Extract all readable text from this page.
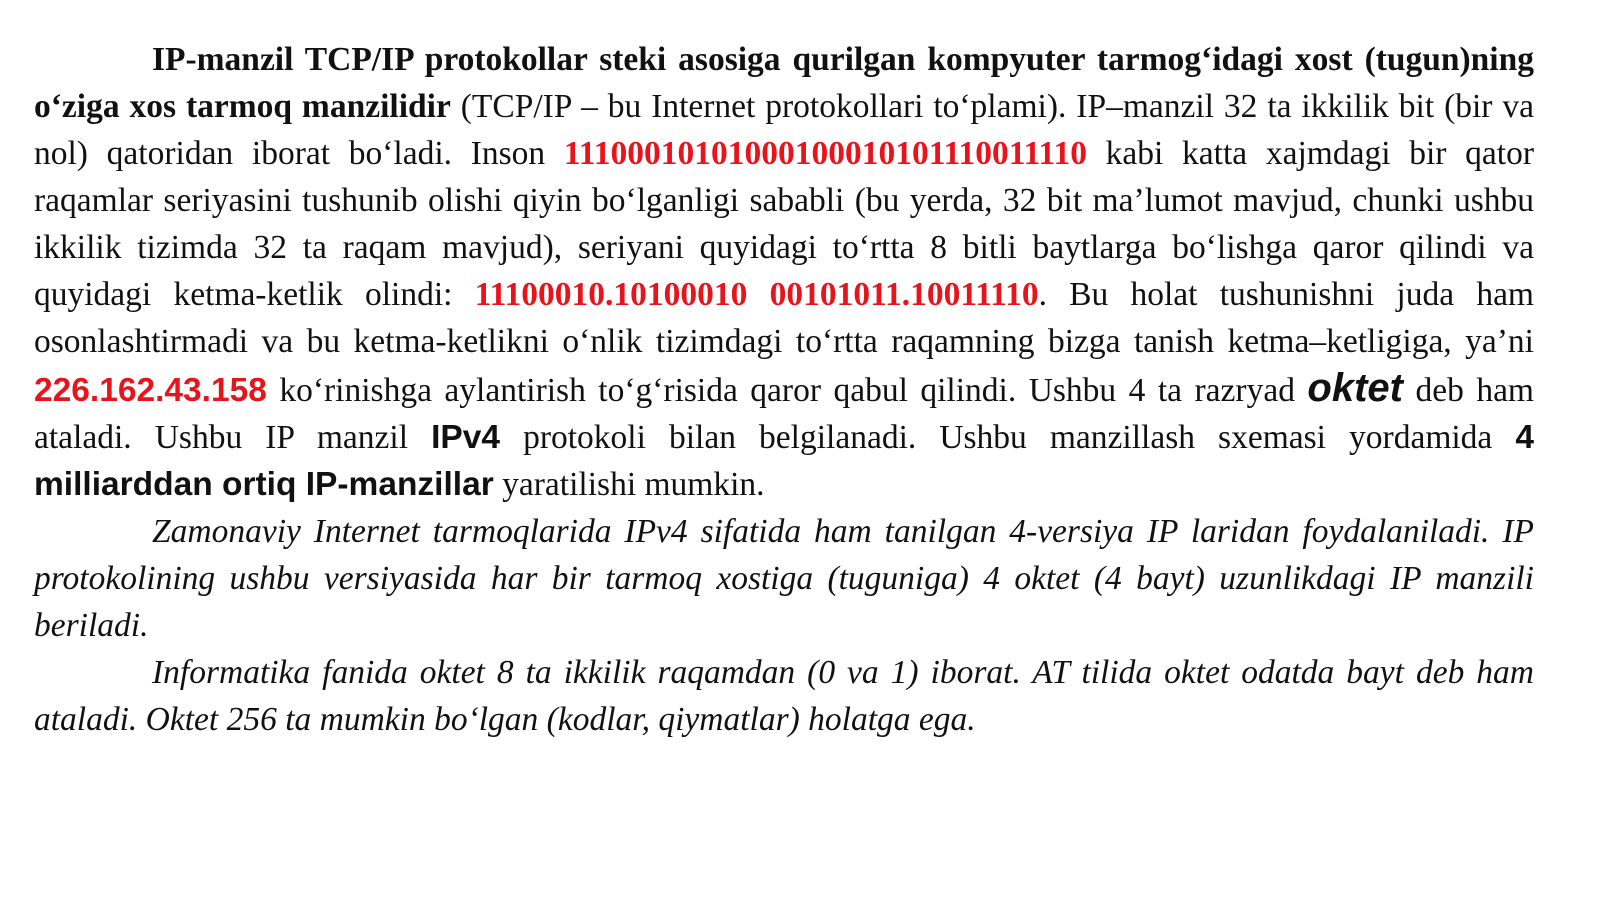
IP-manzil TCP/IP protokollar steki asosiga qurilgan kompyuter tarmog‘idagi xost (tugun)ning o‘ziga xos tarmoq manzilidir (TCP/IP – bu Internet protokollari to‘plami). IP–manzil 32 ta ikkilik bit (bir va nol) qatoridan iborat bo‘ladi. Inson 11100010101000100010101110011110 kabi katta xajmdagi bir qator raqamlar seriyasini tushunib olishi qiyin bo‘lganligi sababli (bu yerda, 32 bit ma’lumot mavjud, chunki ushbu ikkilik tizimda 32 ta raqam mavjud), seriyani quyidagi to‘rtta 8 bitli baytlarga bo‘lishga qaror qilindi va quyidagi ketma-ketlik olindi: 11100010.10100010 00101011.10011110. Bu holat tushunishni juda ham osonlashtirmadi va bu ketma-ketlikni o‘nlik tizimdagi to‘rtta raqamning bizga tanish ketma–ketligiga, ya’ni 226.162.43.158 ko‘rinishga aylantirish to‘g‘risida qaror qabul qilindi. Ushbu 4 ta razryad oktet deb ham ataladi. Ushbu IP manzil IPv4 protokoli bilan belgilanadi. Ushbu manzillash sxemasi yordamida 4 milliarddan ortiq IP-manzillar yaratilishi mumkin.

Zamonaviy Internet tarmoqlarida IPv4 sifatida ham tanilgan 4-versiya IP laridan foydalaniladi. IP protokolining ushbu versiyasida har bir tarmoq xostiga (tuguniga) 4 oktet (4 bayt) uzunlikdagi IP manzili beriladi.

Informatika fanida oktet 8 ta ikkilik raqamdan (0 va 1) iborat. AT tilida oktet odatda bayt deb ham ataladi. Oktet 256 ta mumkin bo‘lgan (kodlar, qiymatlar) holatga ega.
